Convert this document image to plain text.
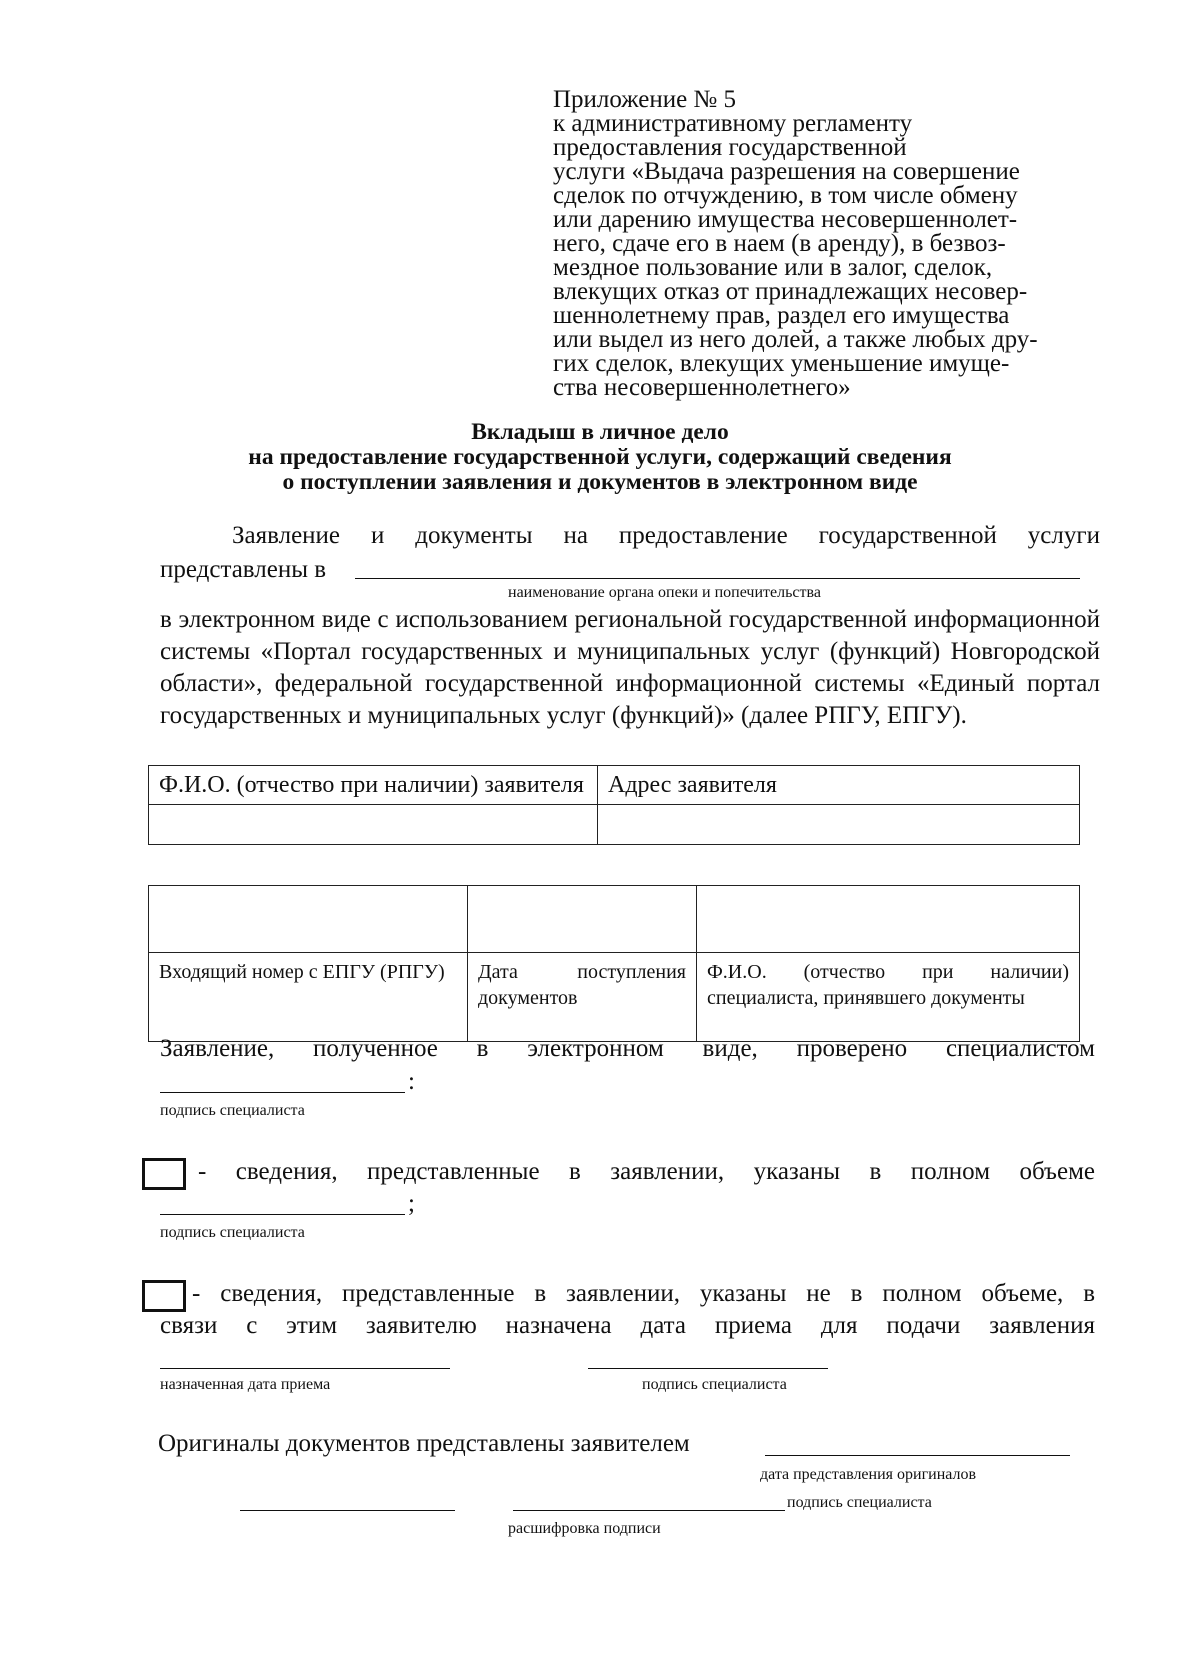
Приложение № 5

к административному регламенту

предоставления государственной

услуги «Выдача разрешения на совершение

сделок по отчуждению, в том числе обмену

или дарению имущества несовершеннолет-

него, сдаче его в наем (в аренду), в безвоз-

мездное пользование или в залог, сделок,

влекущих отказ от принадлежащих несовер-

шеннолетнему прав, раздел его имущества

или выдел из него долей, а также любых дру-

гих сделок, влекущих уменьшение имуще-

ства несовершеннолетнего»

Вкладыш в личное дело
на предоставление государственной услуги, содержащий сведения
о поступлении заявления и документов в электронном виде
Заявление и документы на предоставление государственной услуги
представлены в
наименование органа опеки и попечительства
в электронном виде с использованием региональной государственной информационной системы «Портал государственных и муниципальных услуг (функций) Новгородской области», федеральной государственной информационной системы «Единый портал государственных и муниципальных услуг (функций)» (далее РПГУ, ЕПГУ).
Ф.И.О. (отчество при наличии) заявителя	Адрес заявителя

Входящий номер с ЕПГУ (РПГУ)	Дата поступления документов	Ф.И.О. (отчество при наличии) специалиста, принявшего документы
Заявление, полученное в электронном виде, проверено специалистом
:
подпись специалиста
- сведения, представленные в заявлении, указаны в полном объеме
;
подпись специалиста
- сведения, представленные в заявлении, указаны не в полном объеме, в
связи с этим заявителю назначена дата приема для подачи заявления
назначенная дата приема	подпись специалиста
Оригиналы документов представлены заявителем
дата представления оригиналов
подпись специалиста
расшифровка подписи
